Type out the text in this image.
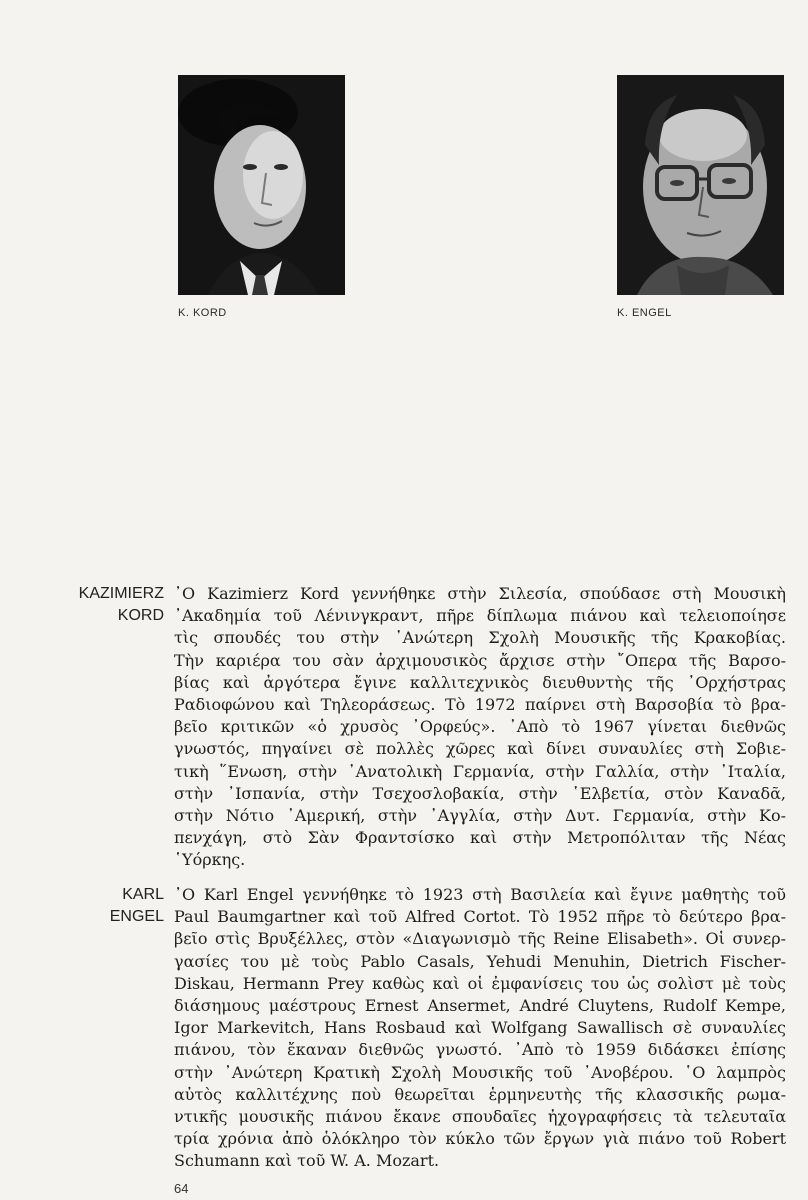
K. KORD	K. ENGEL
KAZIMIERZ
KORD
᾿Ο Kazimierz Kord γεννήθηκε στὴν Σιλεσία, σπούδασε στὴ Μουσικὴ
᾿Ακαδημία τοῦ Λένινγκραντ, πῆρε δίπλωμα πιάνου καὶ τελειοποίησε
τὶς σπουδές του στὴν ᾿Ανώτερη Σχολὴ Μουσικῆς τῆς Κρακοβίας.
Τὴν καριέρα του σὰν ἀρχιμουσικὸς ἄρχισε στὴν ῎Οπερα τῆς Βαρσο-
βίας καὶ ἀργότερα ἔγινε καλλιτεχνικὸς διευθυντὴς τῆς ᾿Ορχήστρας
Ραδιοφώνου καὶ Τηλεοράσεως. Τὸ 1972 παίρνει στὴ Βαρσοβία τὸ βρα-
βεῖο κριτικῶν «ὁ χρυσὸς ᾿Ορφεύς». ᾿Απὸ τὸ 1967 γίνεται διεθνῶς
γνωστός, πηγαίνει σὲ πολλὲς χῶρες καὶ δίνει συναυλίες στὴ Σοβιε-
τικὴ ῞Ενωση, στὴν ᾿Ανατολικὴ Γερμανία, στὴν Γαλλία, στὴν ᾿Ιταλία,
στὴν ᾿Ισπανία, στὴν Τσεχοσλοβακία, στὴν ῾Ελβετία, στὸν Καναδᾶ,
στὴν Νότιο ᾿Αμερική, στὴν ᾿Αγγλία, στὴν Δυτ. Γερμανία, στὴν Κο-
πενχάγη, στὸ Σὰν Φραντσίσκο καὶ στὴν Μετροπόλιταν τῆς Νέας
῾Υόρκης.
KARL
ENGEL
᾿Ο Karl Engel γεννήθηκε τὸ 1923 στὴ Βασιλεία καὶ ἔγινε μαθητὴς τοῦ
Paul Baumgartner καὶ τοῦ Alfred Cortot. Τὸ 1952 πῆρε τὸ δεύτερο βρα-
βεῖο στὶς Βρυξέλλες, στὸν «Διαγωνισμὸ τῆς Reine Elisabeth». Οἱ συνερ-
γασίες του μὲ τοὺς Pablo Casals, Yehudi Menuhin, Dietrich Fischer-
Diskau, Hermann Prey καθὼς καὶ οἱ ἐμφανίσεις του ὡς σολὶστ μὲ τοὺς
διάσημους μαέστρους Ernest Ansermet, André Cluytens, Rudolf Kempe,
Igor Markevitch, Hans Rosbaud καὶ Wolfgang Sawallisch σὲ συναυλίες
πιάνου, τὸν ἔκαναν διεθνῶς γνωστό. ᾿Απὸ τὸ 1959 διδάσκει ἐπίσης
στὴν ᾿Ανώτερη Κρατικὴ Σχολὴ Μουσικῆς τοῦ ᾿Ανοβέρου. ῾Ο λαμπρὸς
αὐτὸς καλλιτέχνης ποὺ θεωρεῖται ἑρμηνευτὴς τῆς κλασσικῆς ρωμα-
ντικῆς μουσικῆς πιάνου ἔκανε σπουδαῖες ἠχογραφήσεις τὰ τελευταῖα
τρία χρόνια ἀπὸ ὁλόκληρο τὸν κύκλο τῶν ἔργων γιὰ πιάνο τοῦ Robert
Schumann καὶ τοῦ W. A. Mozart.
64
